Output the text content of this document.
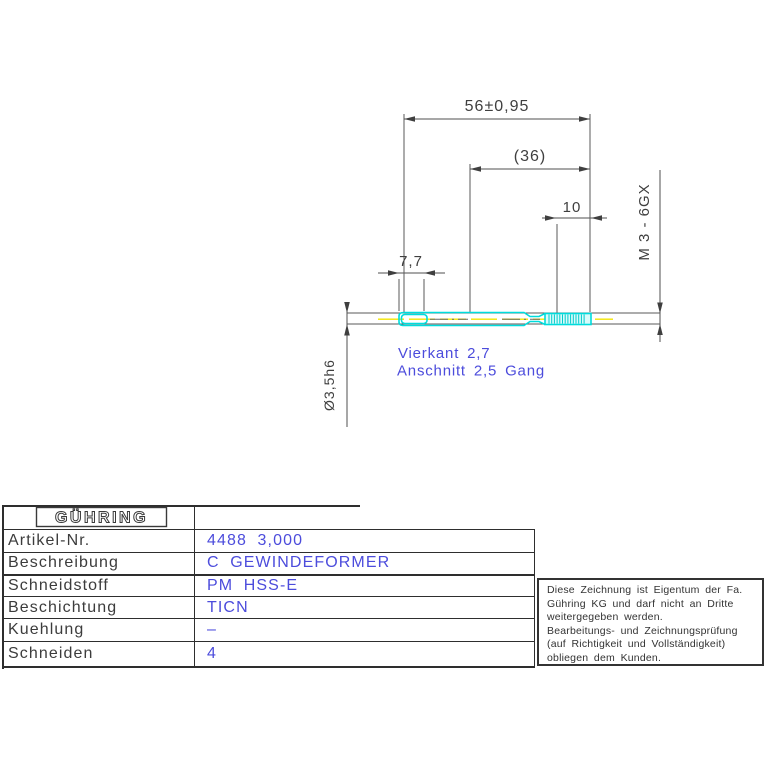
56±0,95
(36)
10
7,7
M 3 - 6GX
Ø3,5h6
Vierkant 2,7
Anschnitt 2,5 Gang
GÜHRING
Artikel-Nr.	4488 3,000
Beschreibung	C GEWINDEFORMER
Schneidstoff	PM HSS-E
Beschichtung	TICN
Kuehlung	–
Schneiden	4
Diese Zeichnung ist Eigentum der Fa.
Gühring KG und darf nicht an Dritte
weitergegeben werden.
Bearbeitungs- und Zeichnungsprüfung
(auf Richtigkeit und Vollständigkeit)
obliegen dem Kunden.
